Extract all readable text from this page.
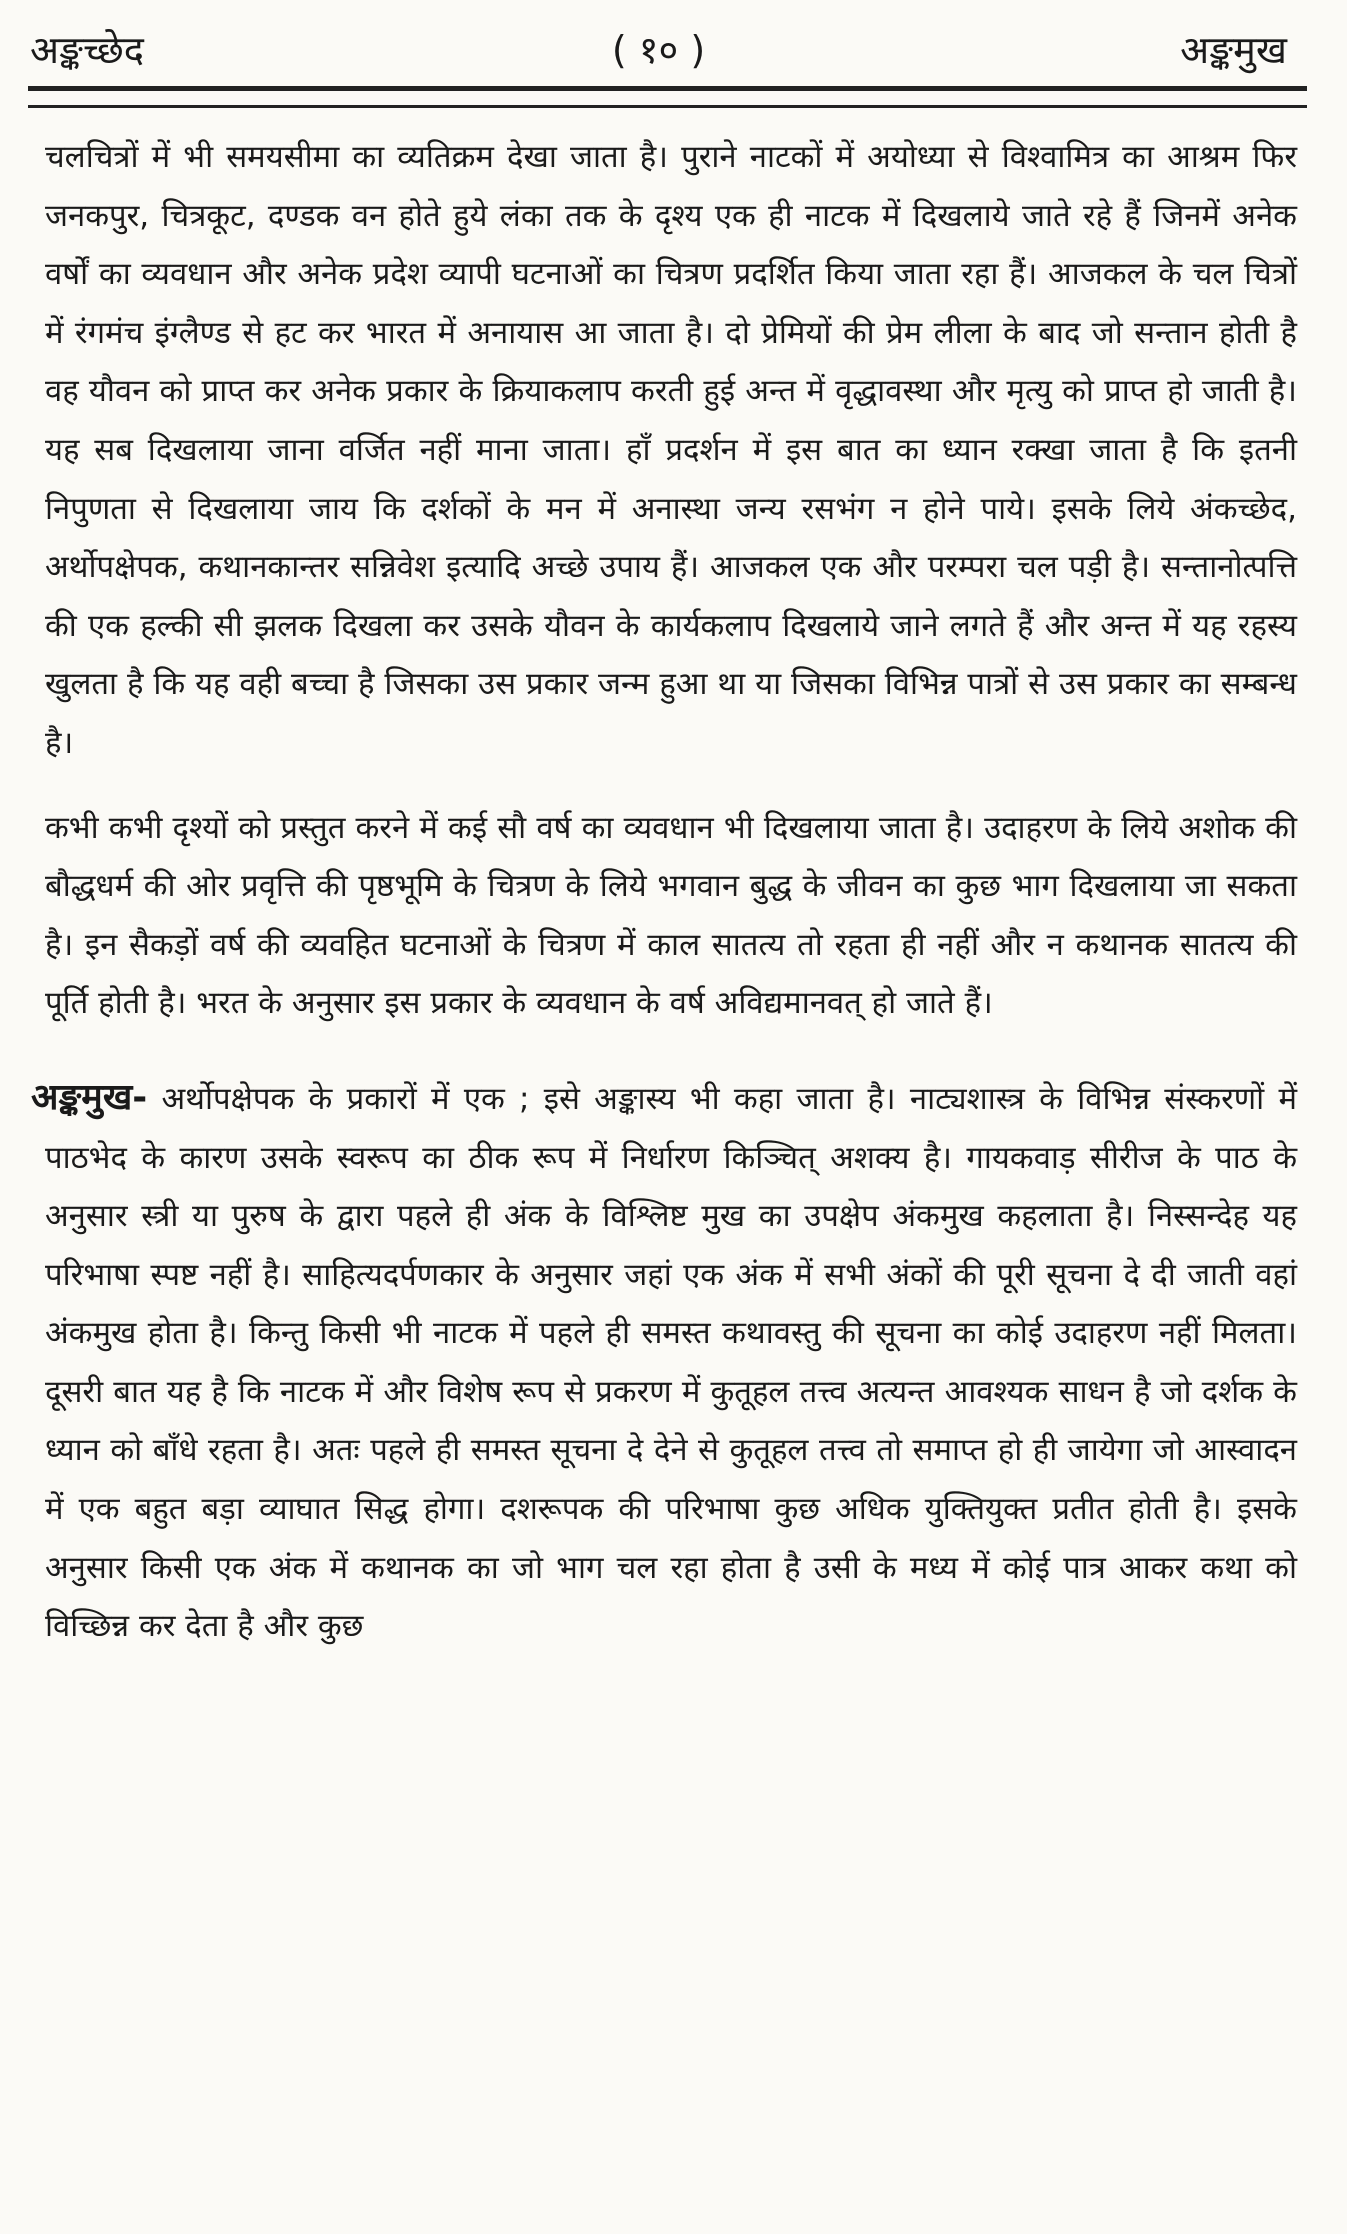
अङ्कच्छेद	( १० )	अङ्कमुख

चलचित्रों में भी समयसीमा का व्यतिक्रम देखा जाता है। पुराने नाटकों में अयोध्या से विश्वामित्र का आश्रम फिर जनकपुर, चित्रकूट, दण्डक वन होते हुये लंका तक के दृश्य एक ही नाटक में दिखलाये जाते रहे हैं जिनमें अनेक वर्षों का व्यवधान और अनेक प्रदेश व्यापी घटनाओं का चित्रण प्रदर्शित किया जाता रहा हैं। आजकल के चल चित्रों में रंगमंच इंग्लैण्ड से हट कर भारत में अनायास आ जाता है। दो प्रेमियों की प्रेम लीला के बाद जो सन्तान होती है वह यौवन को प्राप्त कर अनेक प्रकार के क्रियाकलाप करती हुई अन्त में वृद्धावस्था और मृत्यु को प्राप्त हो जाती है। यह सब दिखलाया जाना वर्जित नहीं माना जाता। हाँ प्रदर्शन में इस बात का ध्यान रक्खा जाता है कि इतनी निपुणता से दिखलाया जाय कि दर्शकों के मन में अनास्था जन्य रसभंग न होने पाये। इसके लिये अंकच्छेद, अर्थोपक्षेपक, कथानकान्तर सन्निवेश इत्यादि अच्छे उपाय हैं। आजकल एक और परम्परा चल पड़ी है। सन्तानोत्पत्ति की एक हल्की सी झलक दिखला कर उसके यौवन के कार्यकलाप दिखलाये जाने लगते हैं और अन्त में यह रहस्य खुलता है कि यह वही बच्चा है जिसका उस प्रकार जन्म हुआ था या जिसका विभिन्न पात्रों से उस प्रकार का सम्बन्ध है।

कभी कभी दृश्यों को प्रस्तुत करने में कई सौ वर्ष का व्यवधान भी दिखलाया जाता है। उदाहरण के लिये अशोक की बौद्धधर्म की ओर प्रवृत्ति की पृष्ठभूमि के चित्रण के लिये भगवान बुद्ध के जीवन का कुछ भाग दिखलाया जा सकता है। इन सैकड़ों वर्ष की व्यवहित घटनाओं के चित्रण में काल सातत्य तो रहता ही नहीं और न कथानक सातत्य की पूर्ति होती है। भरत के अनुसार इस प्रकार के व्यवधान के वर्ष अविद्यमानवत् हो जाते हैं।

अङ्कमुख- अर्थोपक्षेपक के प्रकारों में एक ; इसे अङ्कास्य भी कहा जाता है। नाट्यशास्त्र के विभिन्न संस्करणों में पाठभेद के कारण उसके स्वरूप का ठीक रूप में निर्धारण किञ्चित् अशक्य है। गायकवाड़ सीरीज के पाठ के अनुसार स्त्री या पुरुष के द्वारा पहले ही अंक के विश्लिष्ट मुख का उपक्षेप अंकमुख कहलाता है। निस्सन्देह यह परिभाषा स्पष्ट नहीं है। साहित्यदर्पणकार के अनुसार जहां एक अंक में सभी अंकों की पूरी सूचना दे दी जाती वहां अंकमुख होता है। किन्तु किसी भी नाटक में पहले ही समस्त कथावस्तु की सूचना का कोई उदाहरण नहीं मिलता। दूसरी बात यह है कि नाटक में और विशेष रूप से प्रकरण में कुतूहल तत्त्व अत्यन्त आवश्यक साधन है जो दर्शक के ध्यान को बाँधे रहता है। अतः पहले ही समस्त सूचना दे देने से कुतूहल तत्त्व तो समाप्त हो ही जायेगा जो आस्वादन में एक बहुत बड़ा व्याघात सिद्ध होगा। दशरूपक की परिभाषा कुछ अधिक युक्तियुक्त प्रतीत होती है। इसके अनुसार किसी एक अंक में कथानक का जो भाग चल रहा होता है उसी के मध्य में कोई पात्र आकर कथा को विच्छिन्न कर देता है और कुछ
